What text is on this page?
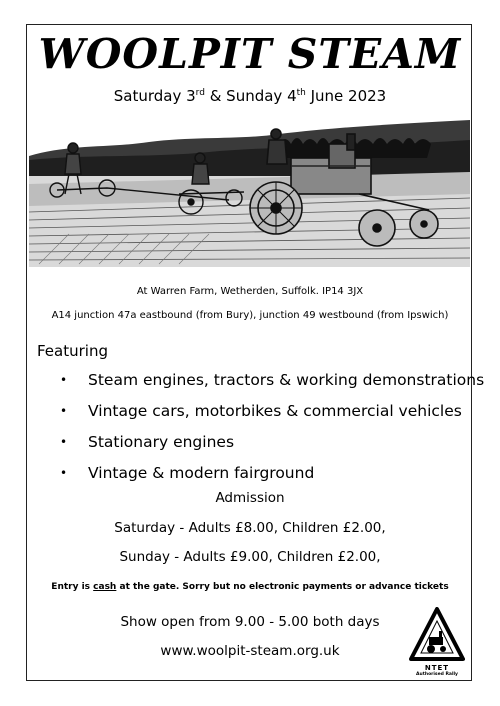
WOOLPIT STEAM
Saturday 3rd & Sunday 4th June 2023
At Warren Farm, Wetherden, Suffolk. IP14 3JX
A14 junction 47a eastbound (from Bury), junction 49 westbound (from Ipswich)
Featuring
• Steam engines, tractors & working demonstrations
• Vintage cars, motorbikes & commercial vehicles
• Stationary engines
• Vintage & modern fairground
Admission
Saturday - Adults £8.00, Children £2.00,
Sunday - Adults £9.00, Children £2.00,
Entry is cash at the gate. Sorry but no electronic payments or advance tickets
Show open from 9.00 - 5.00 both days
www.woolpit-steam.org.uk
NTET
Authorised Rally
